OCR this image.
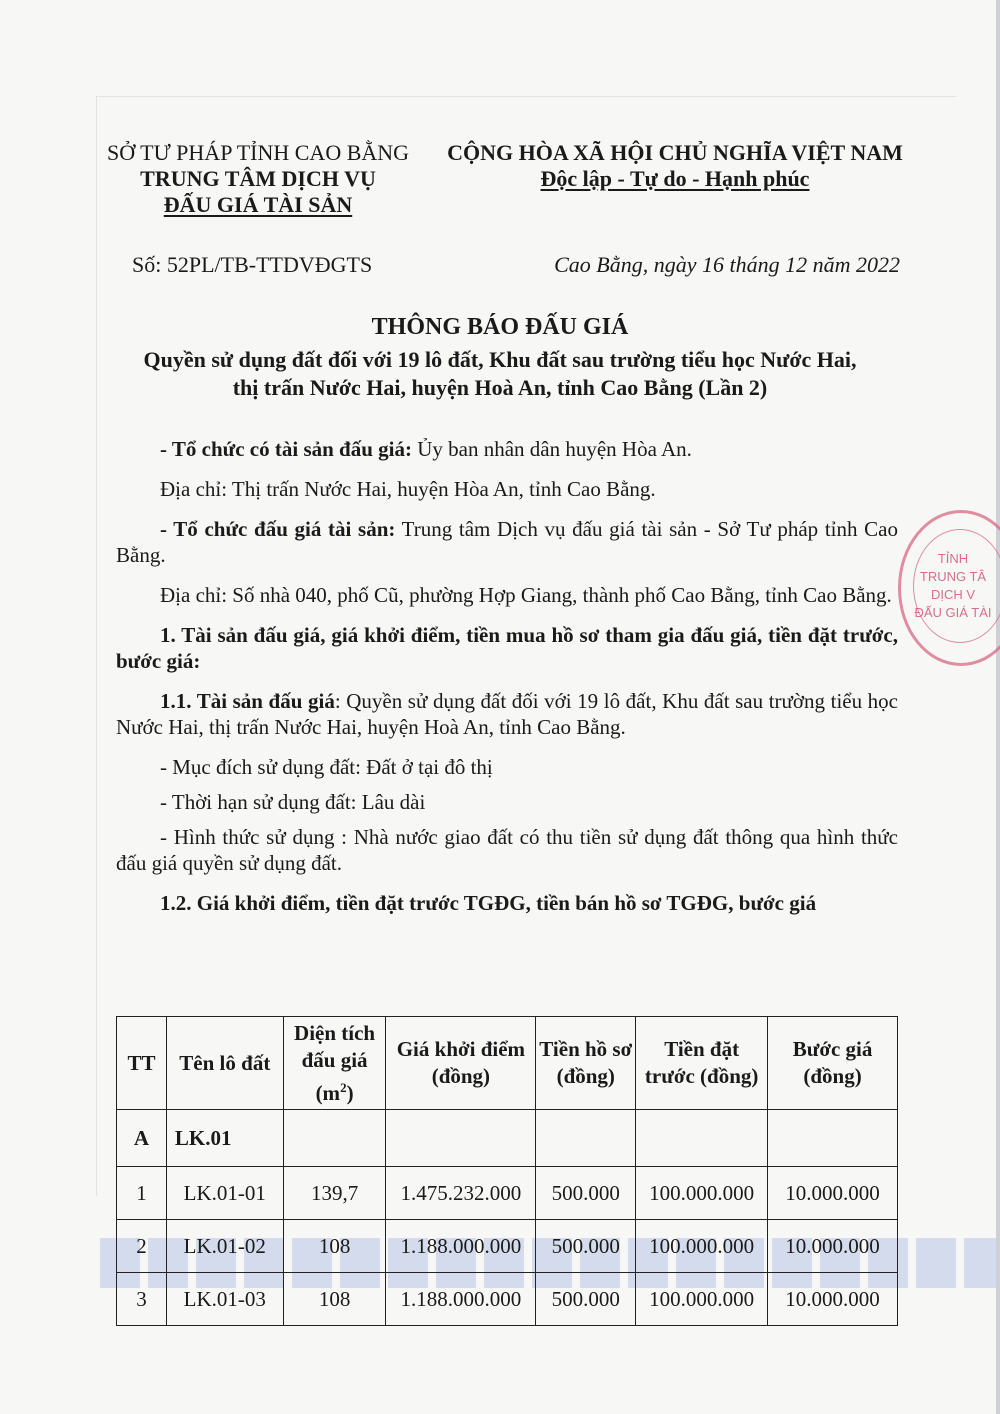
SỞ TƯ PHÁP TỈNH CAO BẰNG
TRUNG TÂM DỊCH VỤ
ĐẤU GIÁ TÀI SẢN
CỘNG HÒA XÃ HỘI CHỦ NGHĨA VIỆT NAM
Độc lập - Tự do - Hạnh phúc
Số: 52PL/TB-TTDVĐGTS	Cao Bằng, ngày 16 tháng 12 năm 2022
THÔNG BÁO ĐẤU GIÁ
Quyền sử dụng đất đối với 19 lô đất, Khu đất sau trường tiểu học Nước Hai,
thị trấn Nước Hai, huyện Hoà An, tỉnh Cao Bằng (Lần 2)

- Tổ chức có tài sản đấu giá: Ủy ban nhân dân huyện Hòa An.

Địa chỉ: Thị trấn Nước Hai, huyện Hòa An, tỉnh Cao Bằng.

- Tổ chức đấu giá tài sản: Trung tâm Dịch vụ đấu giá tài sản - Sở Tư pháp tỉnh Cao Bằng.

Địa chỉ: Số nhà 040, phố Cũ, phường Hợp Giang, thành phố Cao Bằng, tỉnh Cao Bằng.

1. Tài sản đấu giá, giá khởi điểm, tiền mua hồ sơ tham gia đấu giá, tiền đặt trước, bước giá:

1.1. Tài sản đấu giá: Quyền sử dụng đất đối với 19 lô đất, Khu đất sau trường tiểu học Nước Hai, thị trấn Nước Hai, huyện Hoà An, tỉnh Cao Bằng.

- Mục đích sử dụng đất: Đất ở tại đô thị

- Thời hạn sử dụng đất: Lâu dài

- Hình thức sử dụng : Nhà nước giao đất có thu tiền sử dụng đất thông qua hình thức đấu giá quyền sử dụng đất.

1.2. Giá khởi điểm, tiền đặt trước TGĐG, tiền bán hồ sơ TGĐG, bước giá

TT	Tên lô đất	Diện tích đấu giá $(m^2)$	Giá khởi điểm (đồng)	Tiền hồ sơ (đồng)	Tiền đặt trước (đồng)	Bước giá (đồng)
A	LK.01					
1	LK.01-01	139,7	1.475.232.000	500.000	100.000.000	10.000.000
2	LK.01-02	108	1.188.000.000	500.000	100.000.000	10.000.000
3	LK.01-03	108	1.188.000.000	500.000	100.000.000	10.000.000
TỈNH
TRUNG TÂ
DỊCH V
ĐẤU GIÁ TÀI
